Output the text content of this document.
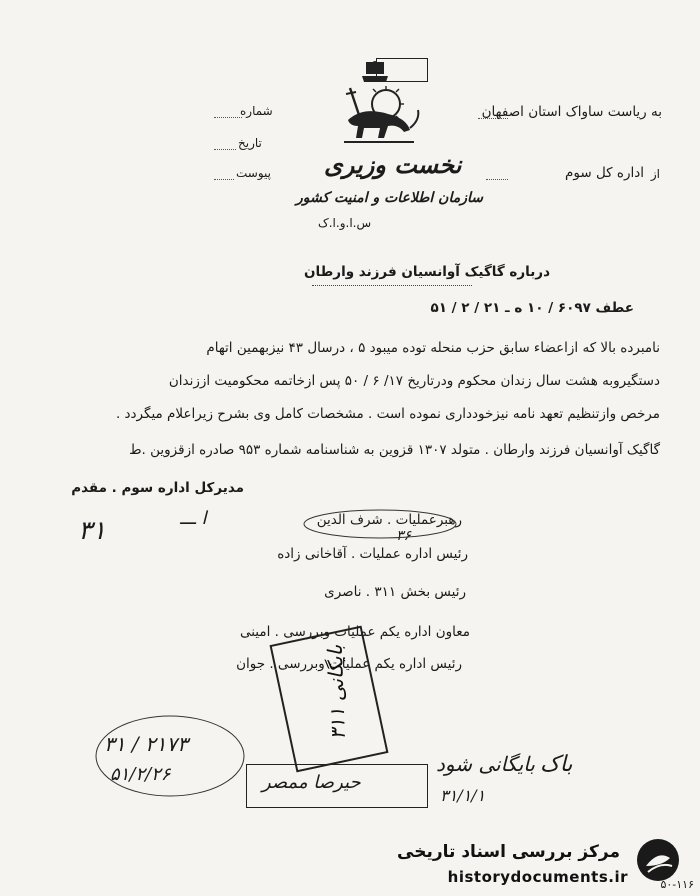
شماره
تاریخ
پیوست نخست وزیری
سازمان اطلاعات و امنیت کشور
س.ا.و.ا.ک
به ریاست ساواک استان اصفهان
از
اداره کل سوم
درباره گاگیک آوانسیان فرزند وارطان
عطف ۶۰۹۷ / ۱۰ ه ـ ۲۱ / ۲ / ۵۱
نامبرده بالا که ازاعضاء سابق حزب منحله توده میبود ۵ ، درسال ۴۳ نیزبهمین اتهام
دستگیروبه هشت سال زندان محکوم ودرتاریخ ۱۷/ ۶ / ۵۰ پس ازخاتمه محکومیت اززندان
مرخص وازتنظیم تعهد نامه نیزخودداری نموده است . مشخصات کامل وی بشرح زیراعلام میگردد .
گاگیک آوانسیان فرزند وارطان . متولد ۱۳۰۷ قزوین به شناسنامه شماره ۹۵۳ صادره ازقزوین .ط
مدیرکل اداره سوم . مقدم
۳۱	ا ـــ	رهبرعملیات . شرف الدین
۳۶
رئیس اداره عملیات . آقاخانی زاده
رئیس بخش ۳۱۱ . ناصری
معاون اداره یکم عملیات وبررسی . امینی
رئیس اداره یکم عملیات وبررسی . جوان
بایگانی ۳۱۱
۳۱ / ۲۱۷۳
۵۱/۲/۲۶	حیرصا ممصر
بایگانی شود
۳۱/۱/۱
باک
مرکز بررسی اسناد تاریخی
historydocuments.ir	۵۰-۱۱۶
